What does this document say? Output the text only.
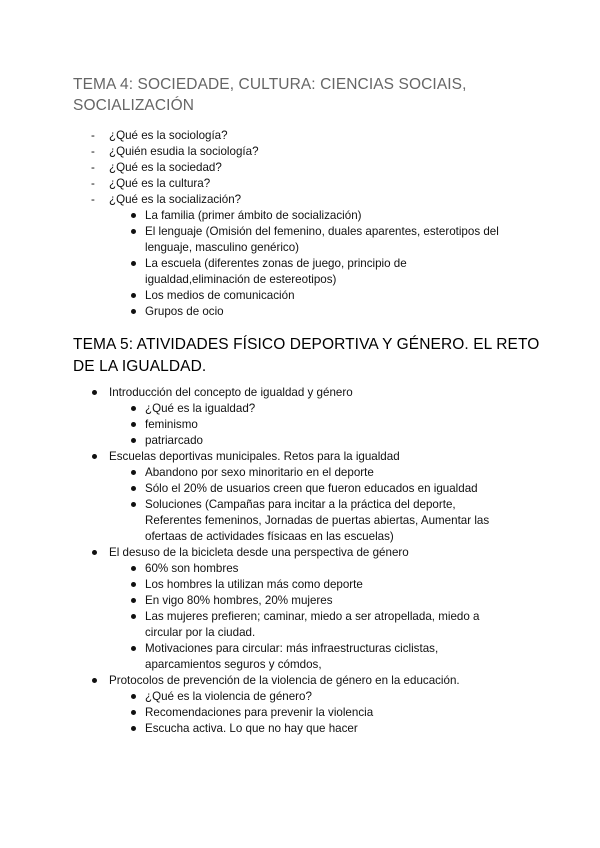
TEMA 4: SOCIEDADE, CULTURA: CIENCIAS SOCIAIS,
SOCIALIZACIÓN
- ¿Qué es la sociología?
- ¿Quién esudia la sociología?
- ¿Qué es la sociedad?
- ¿Qué es la cultura?
- ¿Qué es la socialización?
La familia (primer ámbito de socialización)
El lenguaje (Omisión del femenino, duales aparentes, esterotipos del
lenguaje, masculino genérico)
La escuela (diferentes zonas de juego, principio de
igualdad,eliminación de estereotipos)
Los medios de comunicación
Grupos de ocio
TEMA 5: ATIVIDADES FÍSICO DEPORTIVA Y GÉNERO. EL RETO
DE LA IGUALDAD.
Introducción del concepto de igualdad y género
¿Qué es la igualdad?
feminismo
patriarcado
Escuelas deportivas municipales. Retos para la igualdad
Abandono por sexo minoritario en el deporte
Sólo el 20% de usuarios creen que fueron educados en igualdad
Soluciones (Campañas para incitar a la práctica del deporte,
Referentes femeninos, Jornadas de puertas abiertas, Aumentar las
ofertaas de actividades físicaas en las escuelas)
El desuso de la bicicleta desde una perspectiva de género
60% son hombres
Los hombres la utilizan más como deporte
En vigo 80% hombres, 20% mujeres
Las mujeres prefieren; caminar, miedo a ser atropellada, miedo a
circular por la ciudad.
Motivaciones para circular: más infraestructuras ciclistas,
aparcamientos seguros y cómdos,
Protocolos de prevención de la violencia de género en la educación.
¿Qué es la violencia de género?
Recomendaciones para prevenir la violencia
Escucha activa. Lo que no hay que hacer
